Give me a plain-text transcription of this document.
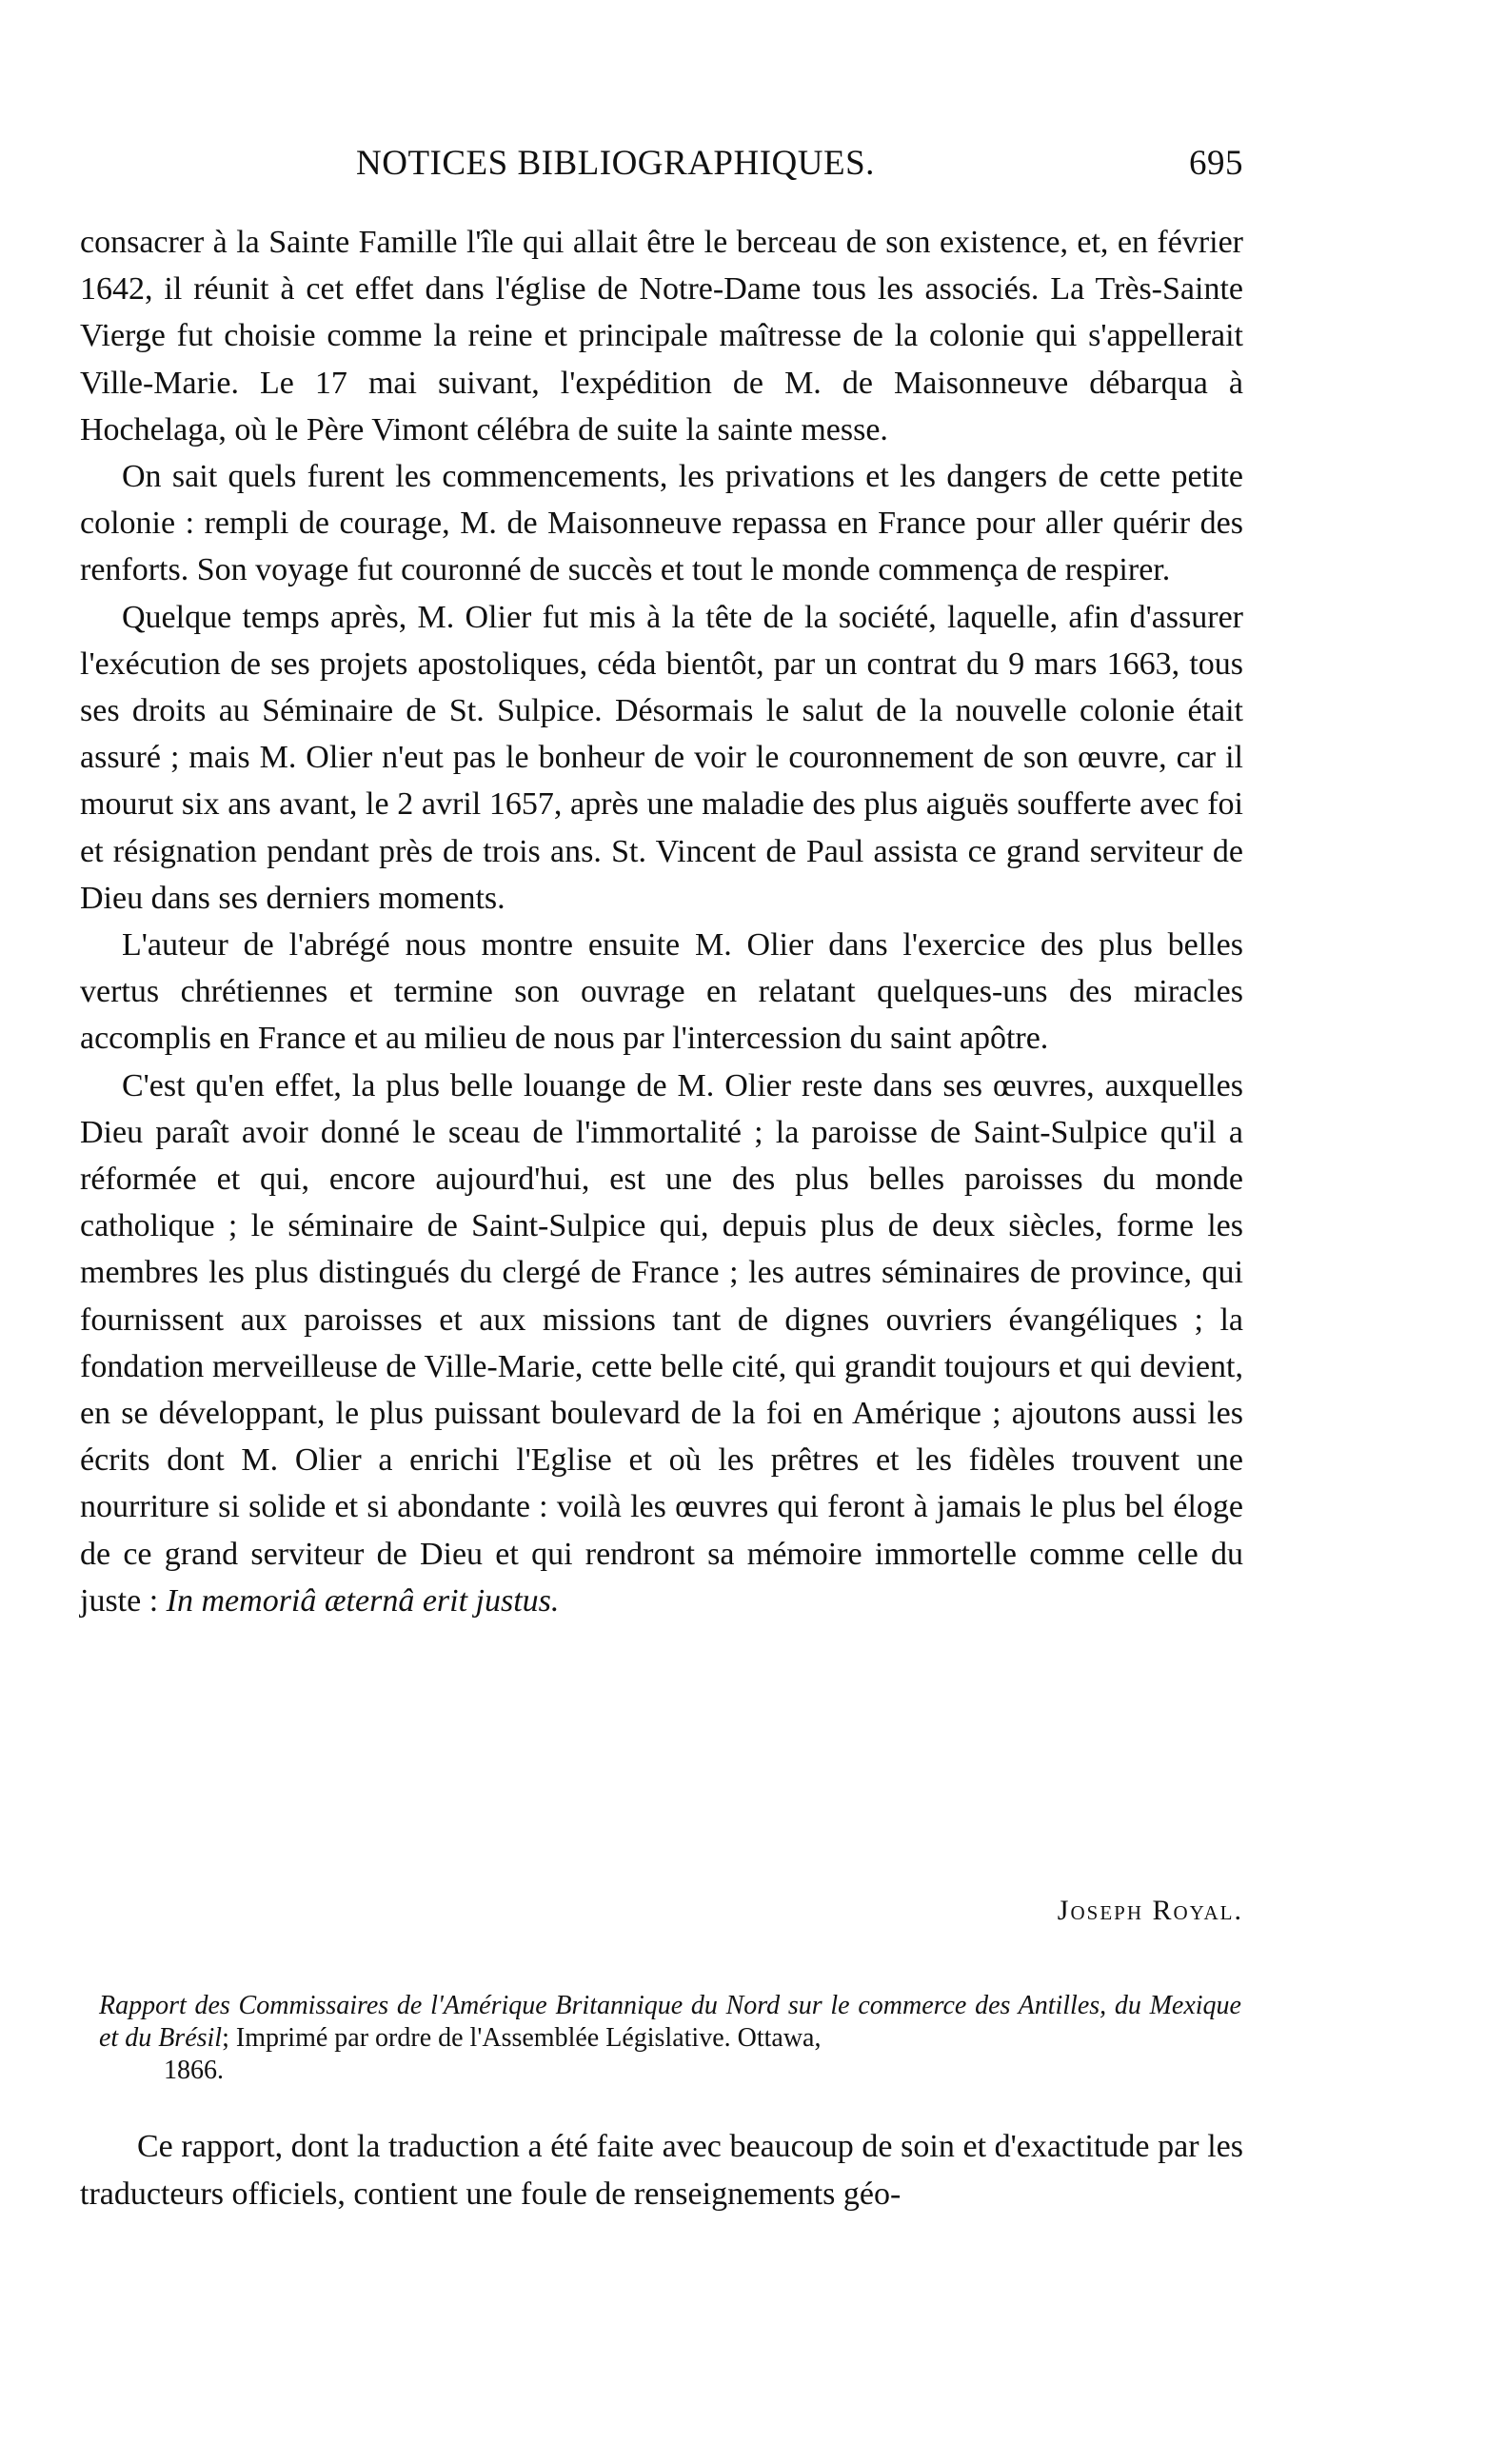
NOTICES BIBLIOGRAPHIQUES.	695

consacrer à la Sainte Famille l'île qui allait être le berceau de son existence, et, en février 1642, il réunit à cet effet dans l'église de Notre-Dame tous les associés. La Très-Sainte Vierge fut choisie comme la reine et principale maîtresse de la colonie qui s'appellerait Ville-Marie. Le 17 mai suivant, l'expédition de M. de Maisonneuve débarqua à Hochelaga, où le Père Vimont célébra de suite la sainte messe.

On sait quels furent les commencements, les privations et les dangers de cette petite colonie : rempli de courage, M. de Maisonneuve repassa en France pour aller quérir des renforts. Son voyage fut couronné de succès et tout le monde commença de respirer.

Quelque temps après, M. Olier fut mis à la tête de la société, laquelle, afin d'assurer l'exécution de ses projets apostoliques, céda bientôt, par un contrat du 9 mars 1663, tous ses droits au Séminaire de St. Sulpice. Désormais le salut de la nouvelle colonie était assuré ; mais M. Olier n'eut pas le bonheur de voir le couronnement de son œuvre, car il mourut six ans avant, le 2 avril 1657, après une maladie des plus aiguës soufferte avec foi et résignation pendant près de trois ans. St. Vincent de Paul assista ce grand serviteur de Dieu dans ses derniers moments.

L'auteur de l'abrégé nous montre ensuite M. Olier dans l'exercice des plus belles vertus chrétiennes et termine son ouvrage en relatant quelques-uns des miracles accomplis en France et au milieu de nous par l'intercession du saint apôtre.

C'est qu'en effet, la plus belle louange de M. Olier reste dans ses œuvres, auxquelles Dieu paraît avoir donné le sceau de l'immortalité ; la paroisse de Saint-Sulpice qu'il a réformée et qui, encore aujourd'hui, est une des plus belles paroisses du monde catholique ; le séminaire de Saint-Sulpice qui, depuis plus de deux siècles, forme les membres les plus distingués du clergé de France ; les autres séminaires de province, qui fournissent aux paroisses et aux missions tant de dignes ouvriers évangéliques ; la fondation merveilleuse de Ville-Marie, cette belle cité, qui grandit toujours et qui devient, en se développant, le plus puissant boulevard de la foi en Amérique ; ajoutons aussi les écrits dont M. Olier a enrichi l'Eglise et où les prêtres et les fidèles trouvent une nourriture si solide et si abondante : voilà les œuvres qui feront à jamais le plus bel éloge de ce grand serviteur de Dieu et qui rendront sa mémoire immortelle comme celle du juste : In memoriâ æternâ erit justus.

Joseph Royal.
Rapport des Commissaires de l'Amérique Britannique du Nord sur le commerce des Antilles, du Mexique et du Brésil; Imprimé par ordre de l'Assemblée Législative. Ottawa,
1866.

Ce rapport, dont la traduction a été faite avec beaucoup de soin et d'exactitude par les traducteurs officiels, contient une foule de renseignements géo-
